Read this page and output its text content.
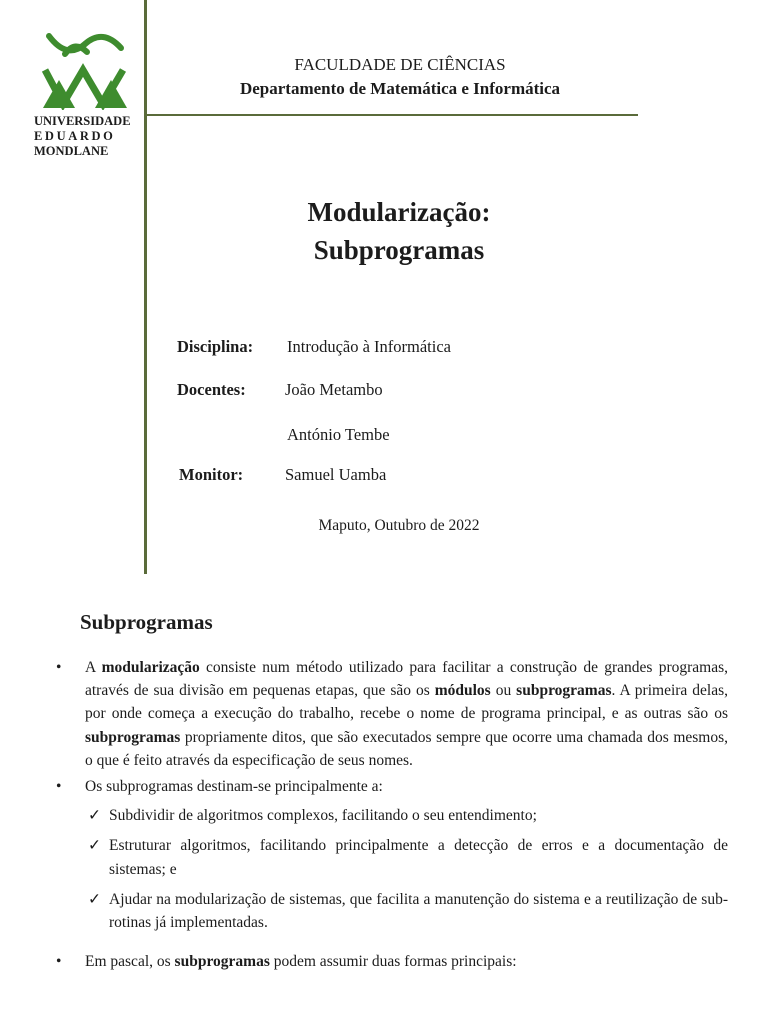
UNIVERSIDADE
EDUARDO
MONDLANE
FACULDADE DE CIÊNCIAS
Departamento de Matemática e Informática
Modularização:
Subprogramas
Disciplina: Introdução à Informática
Docentes: João Metambo
António Tembe
Monitor:	Samuel Uamba
Maputo, Outubro de 2022
Subprogramas
• A modularização consiste num método utilizado para facilitar a construção de grandes programas, através de sua divisão em pequenas etapas, que são os módulos ou subprogramas. A primeira delas, por onde começa a execução do trabalho, recebe o nome de programa principal, e as outras são os subprogramas propriamente ditos, que são executados sempre que ocorre uma chamada dos mesmos, o que é feito através da especificação de seus nomes.
• Os subprogramas destinam-se principalmente a:
✓ Subdividir de algoritmos complexos, facilitando o seu entendimento;
✓ Estruturar algoritmos, facilitando principalmente a detecção de erros e a documentação de sistemas; e
✓ Ajudar na modularização de sistemas, que facilita a manutenção do sistema e a reutilização de sub-rotinas já implementadas.
• Em pascal, os subprogramas podem assumir duas formas principais:
